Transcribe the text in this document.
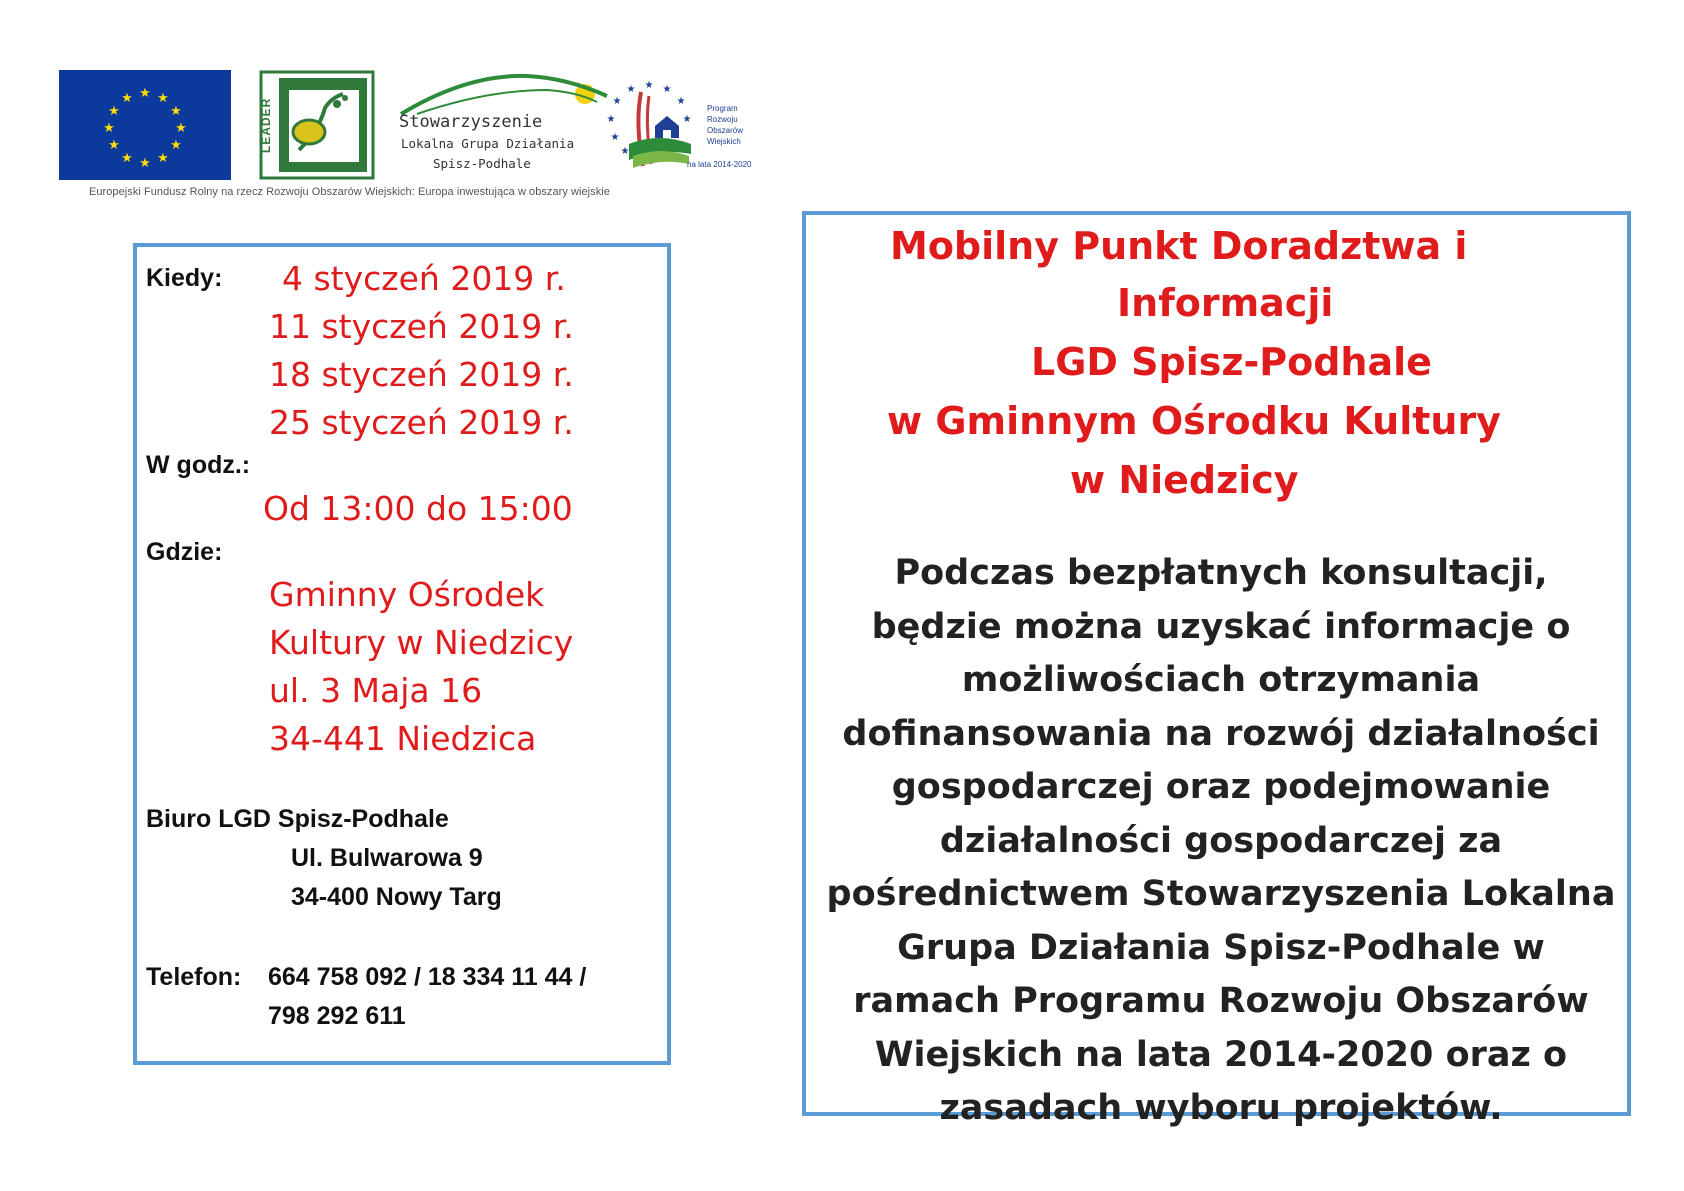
★ ★
★
★
★
★
★
★
★
★
★
★	LEADER	Stowarzyszenie
Lokalna Grupa Działania
Spisz-Podhale
★ ★
★
★
★
★
★
★
★
Program
Rozwoju
Obszarów
Wiejskich
na lata 2014-2020
Europejski Fundusz Rolny na rzecz Rozwoju Obszarów Wiejskich: Europa inwestująca w obszary wiejskie
Kiedy: 4 styczeń 2019 r.
11 styczeń 2019 r.
18 styczeń 2019 r.
25 styczeń 2019 r.
W godz.:
Od 13:00 do 15:00
Gdzie:
Gminny Ośrodek
Kultury w Niedzicy
ul. 3 Maja 16
34-441 Niedzica
Biuro LGD Spisz-Podhale
Ul. Bulwarowa 9
34-400 Nowy Targ
Telefon: 664 758 092 / 18 334 11 44 /
798 292 611
Mobilny Punkt Doradztwa i
Informacji
LGD Spisz-Podhale
w Gminnym Ośrodku Kultury
w Niedzicy
Podczas bezpłatnych konsultacji, będzie można uzyskać informacje o możliwościach otrzymania dofinansowania na rozwój działalności gospodarczej oraz podejmowanie działalności gospodarczej za pośrednictwem Stowarzyszenia Lokalna Grupa Działania Spisz-Podhale w ramach Programu Rozwoju Obszarów Wiejskich na lata 2014-2020 oraz o zasadach wyboru projektów.
